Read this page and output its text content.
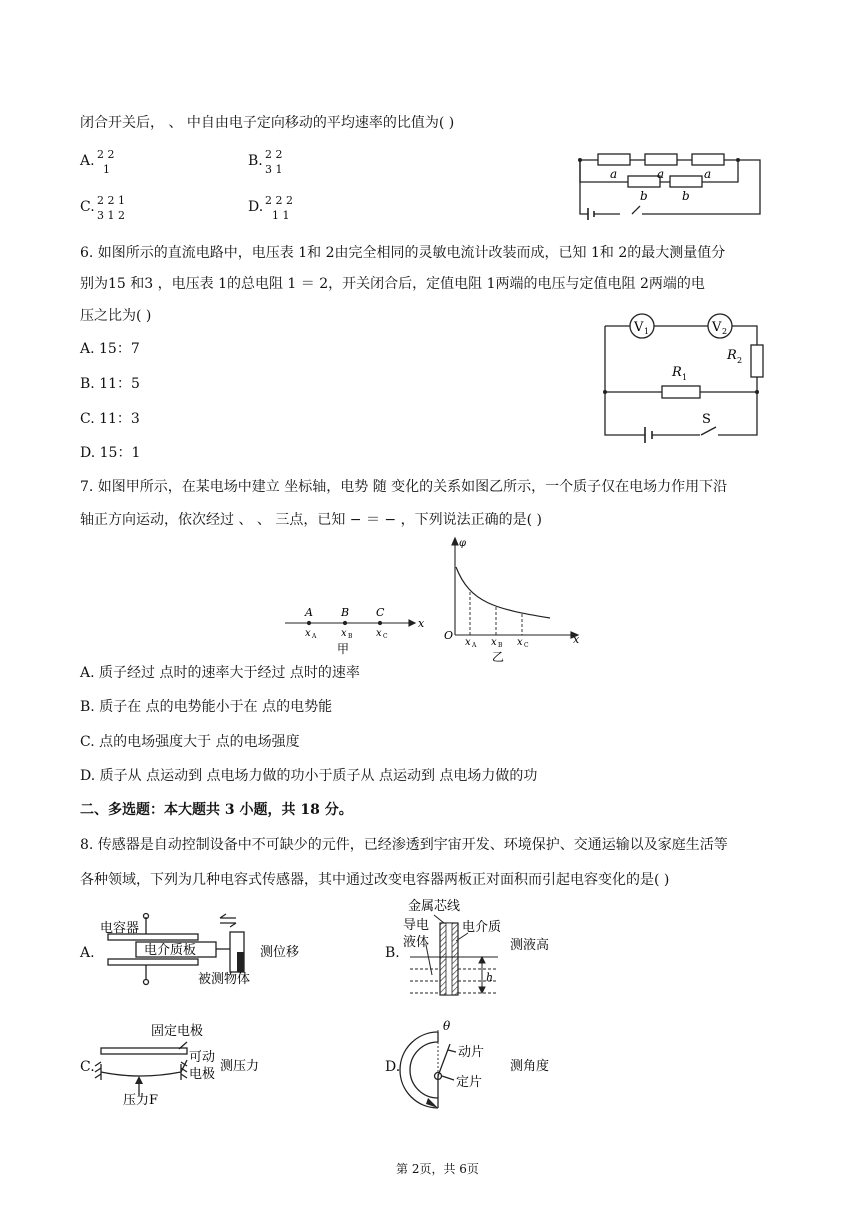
闭合开关后， 、 中自由电子定向移动的平均速率的比值为( )
A. 2 2
1
B. 2 2
3 1
C. 2 2 1
3 1 2
D. 2 2 2
1 1
a	a	a
b	b
6. 如图所示的直流电路中，电压表 1和 2由完全相同的灵敏电流计改装而成，已知 1和 2的最大测量值分
别为15 和3 ，电压表 1的总电阻 1 ＝ 2，开关闭合后，定值电阻 1两端的电压与定值电阻 2两端的电
压之比为( )
A. 15：7
B. 11：5
C. 11：3
D. 15：1
V 1	V 2
R 2
R 1
S
7. 如图甲所示，在某电场中建立 坐标轴，电势 随 变化的关系如图乙所示，一个质子仅在电场力作用下沿
轴正方向运动，依次经过 、 、 三点，已知 − ＝ − ，下列说法正确的是( )
A	B C
x
x A x B x C
甲
φ
O	x
x A x B x C
乙
A. 质子经过 点时的速率大于经过 点时的速率
B. 质子在 点的电势能小于在 点的电势能
C. 点的电场强度大于 点的电场强度
D. 质子从 点运动到 点电场力做的功小于质子从 点运动到 点电场力做的功
二、多选题：本大题共 3 小题，共 18 分。
8. 传感器是自动控制设备中不可缺少的元件，已经渗透到宇宙开发、环境保护、交通运输以及家庭生活等
各种领域，下列为几种电容式传感器，其中通过改变电容器两板正对面积而引起电容变化的是( )
A.
电容器
电介质板
被测物体
测位移	B.
金属芯线
导电
液体
电介质
测液高
h
C.
固定电极
可动
电极
测压力
压力F
D.
θ
动片
定片
测角度
第 2页，共 6页
